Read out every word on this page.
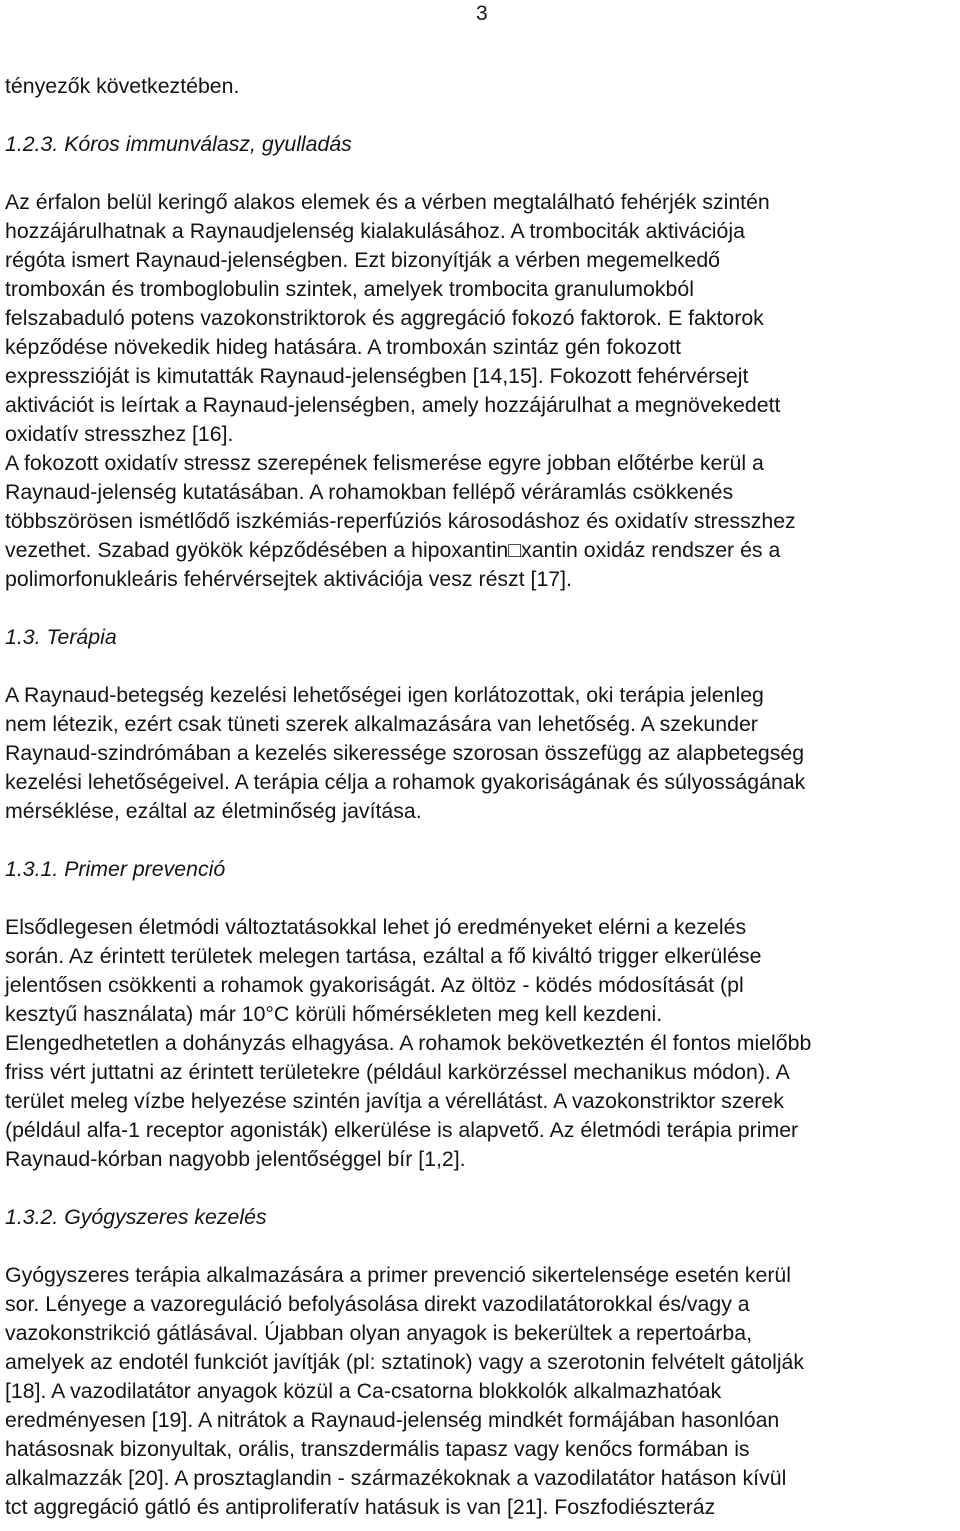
3
tényezők következtében.
1.2.3. Kóros immunválasz, gyulladás
Az érfalon belül keringő alakos elemek és a vérben megtalálható fehérjék szintén
hozzájárulhatnak a Raynaudjelenség kialakulásához. A trombociták aktivációja
régóta ismert Raynaud-jelenségben. Ezt bizonyítják a vérben megemelkedő
tromboxán és tromboglobulin szintek, amelyek trombocita granulumokból
felszabaduló potens vazokonstriktorok és aggregáció fokozó faktorok. E faktorok
képződése növekedik hideg hatására. A tromboxán szintáz gén fokozott
expresszióját is kimutatták Raynaud-jelenségben [14,15]. Fokozott fehérvérsejt
aktivációt is leírtak a Raynaud-jelenségben, amely hozzájárulhat a megnövekedett
oxidatív stresszhez [16].
A fokozott oxidatív stressz szerepének felismerése egyre jobban előtérbe kerül a
Raynaud-jelenség kutatásában. A rohamokban fellépő véráramlás csökkenés
többszörösen ismétlődő iszkémiás-reperfúziós károsodáshoz és oxidatív stresszhez
vezethet. Szabad gyökök képződésében a hipoxantin□xantin oxidáz rendszer és a
polimorfonukleáris fehérvérsejtek aktivációja vesz részt [17].
1.3. Terápia
A Raynaud-betegség kezelési lehetőségei igen korlátozottak, oki terápia jelenleg
nem létezik, ezért csak tüneti szerek alkalmazására van lehetőség. A szekunder
Raynaud-szindrómában a kezelés sikeressége szorosan összefügg az alapbetegség
kezelési lehetőségeivel. A terápia célja a rohamok gyakoriságának és súlyosságának
mérséklése, ezáltal az életminőség javítása.
1.3.1. Primer prevenció
Elsődlegesen életmódi változtatásokkal lehet jó eredményeket elérni a kezelés
során. Az érintett területek melegen tartása, ezáltal a fő kiváltó trigger elkerülése
jelentősen csökkenti a rohamok gyakoriságát. Az öltöz - ködés módosítását (pl
kesztyű használata) már 10°C körüli hőmérsékleten meg kell kezdeni.
Elengedhetetlen a dohányzás elhagyása. A rohamok bekövetkeztén él fontos mielőbb
friss vért juttatni az érintett területekre (például karkörzéssel mechanikus módon). A
terület meleg vízbe helyezése szintén javítja a vérellátást. A vazokonstriktor szerek
(például alfa-1 receptor agonisták) elkerülése is alapvető. Az életmódi terápia primer
Raynaud-kórban nagyobb jelentőséggel bír [1,2].
1.3.2. Gyógyszeres kezelés
Gyógyszeres terápia alkalmazására a primer prevenció sikertelensége esetén kerül
sor. Lényege a vazoreguláció befolyásolása direkt vazodilatátorokkal és/vagy a
vazokonstrikció gátlásával. Újabban olyan anyagok is bekerültek a repertoárba,
amelyek az endotél funkciót javítják (pl: sztatinok) vagy a szerotonin felvételt gátolják
[18]. A vazodilatátor anyagok közül a Ca-csatorna blokkolók alkalmazhatóak
eredményesen [19]. A nitrátok a Raynaud-jelenség mindkét formájában hasonlóan
hatásosnak bizonyultak, orális, transzdermális tapasz vagy kenőcs formában is
alkalmazzák [20]. A prosztaglandin - származékoknak a vazodilatátor hatáson kívül
tct aggregáció gátló és antiproliferatív hatásuk is van [21]. Foszfodiészteráz
